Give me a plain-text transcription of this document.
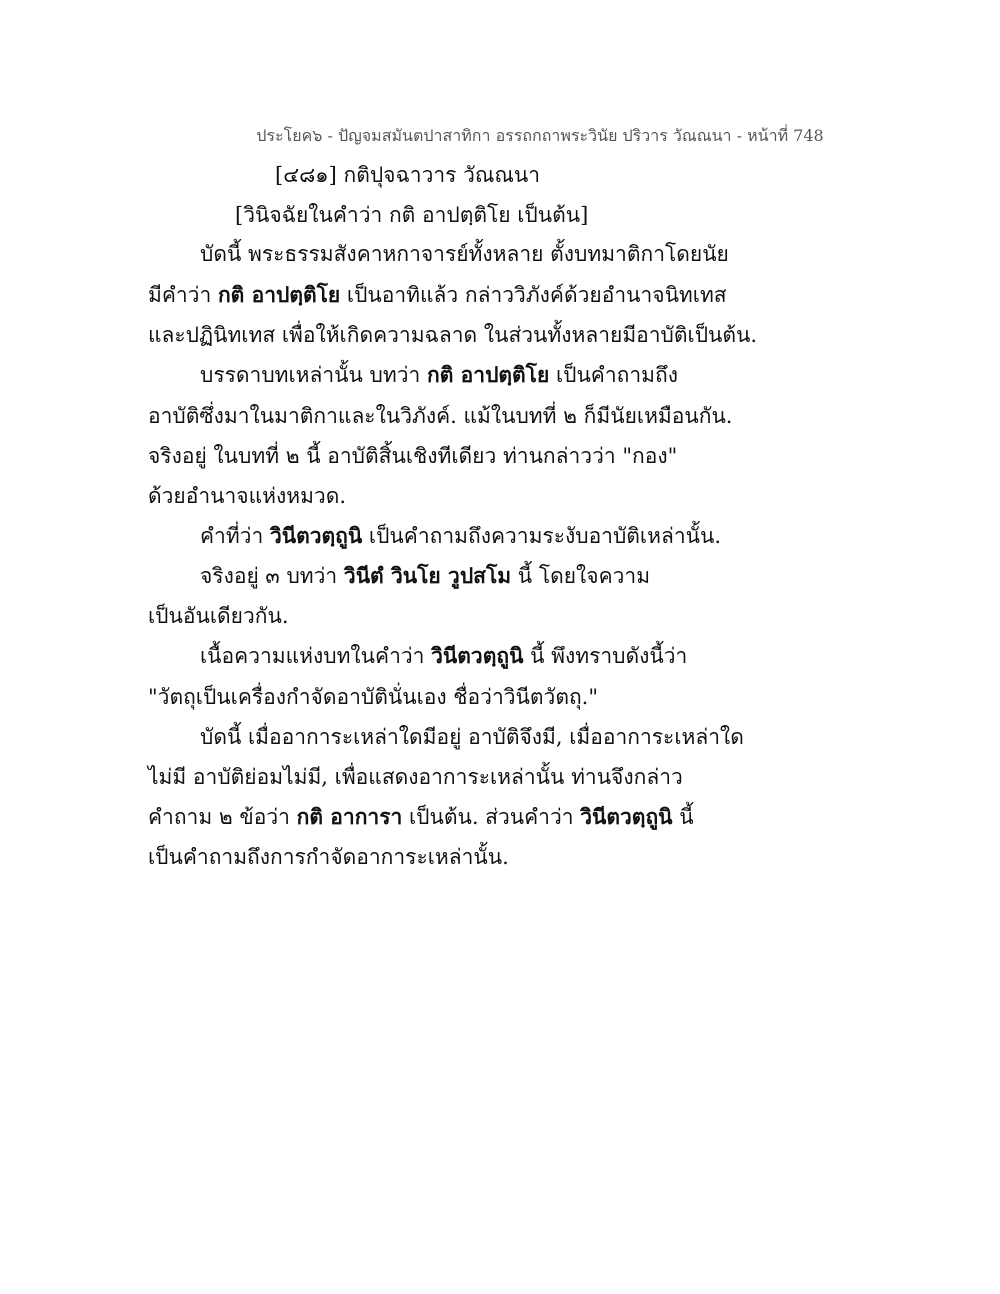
ประโยค๖ - ปัญจมสมันตปาสาทิกา อรรถกถาพระวินัย ปริวาร วัณณนา - หน้าที่ 748
[๔๘๑] กติปุจฉาวาร วัณณนา
[วินิจฉัยในคำว่า กติ อาปตฺติโย เป็นต้น]
บัดนี้ พระธรรมสังคาหกาจารย์ทั้งหลาย ตั้งบทมาติกาโดยนัย
มีคำว่า กติ อาปตฺติโย เป็นอาทิแล้ว กล่าววิภังค์ด้วยอำนาจนิทเทส
และปฏินิทเทส เพื่อให้เกิดความฉลาด ในส่วนทั้งหลายมีอาบัติเป็นต้น.
บรรดาบทเหล่านั้น บทว่า กติ อาปตฺติโย เป็นคำถามถึง
อาบัติซึ่งมาในมาติกาและในวิภังค์. แม้ในบทที่ ๒ ก็มีนัยเหมือนกัน.
จริงอยู่ ในบทที่ ๒ นี้ อาบัติสิ้นเชิงทีเดียว ท่านกล่าวว่า "กอง"
ด้วยอำนาจแห่งหมวด.
คำที่ว่า วินีตวตฺถูนิ เป็นคำถามถึงความระงับอาบัติเหล่านั้น.
จริงอยู่ ๓ บทว่า วินีตํ วินโย วูปสโม นี้ โดยใจความ
เป็นอันเดียวกัน.
เนื้อความแห่งบทในคำว่า วินีตวตฺถูนิ นี้ พึงทราบดังนี้ว่า
"วัตถุเป็นเครื่องกำจัดอาบัตินั่นเอง ชื่อว่าวินีตวัตถุ."
บัดนี้ เมื่ออาการะเหล่าใดมีอยู่ อาบัติจึงมี, เมื่ออาการะเหล่าใด
ไม่มี อาบัติย่อมไม่มี, เพื่อแสดงอาการะเหล่านั้น ท่านจึงกล่าว
คำถาม ๒ ข้อว่า กติ อาการา เป็นต้น. ส่วนคำว่า วินีตวตฺถูนิ นี้
เป็นคำถามถึงการกำจัดอาการะเหล่านั้น.
